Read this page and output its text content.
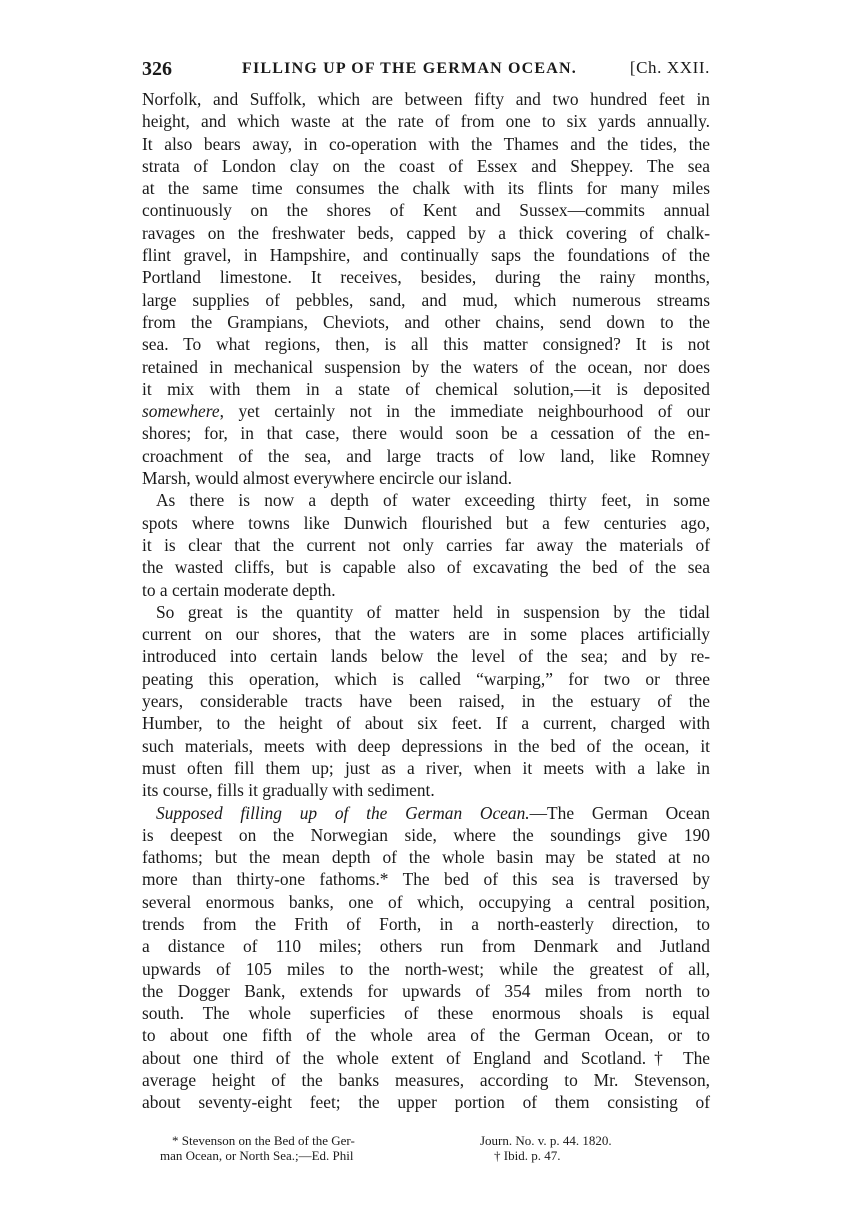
326	FILLING UP OF THE GERMAN OCEAN.	[Ch. XXII.
Norfolk, and Suffolk, which are between fifty and two hundred feet in
height, and which waste at the rate of from one to six yards annually.
It also bears away, in co-operation with the Thames and the tides, the
strata of London clay on the coast of Essex and Sheppey. The sea
at the same time consumes the chalk with its flints for many miles
continuously on the shores of Kent and Sussex—commits annual
ravages on the freshwater beds, capped by a thick covering of chalk-
flint gravel, in Hampshire, and continually saps the foundations of the
Portland limestone. It receives, besides, during the rainy months,
large supplies of pebbles, sand, and mud, which numerous streams
from the Grampians, Cheviots, and other chains, send down to the
sea. To what regions, then, is all this matter consigned? It is not
retained in mechanical suspension by the waters of the ocean, nor does
it mix with them in a state of chemical solution,—it is deposited
somewhere, yet certainly not in the immediate neighbourhood of our
shores; for, in that case, there would soon be a cessation of the en-
croachment of the sea, and large tracts of low land, like Romney
Marsh, would almost everywhere encircle our island.
As there is now a depth of water exceeding thirty feet, in some
spots where towns like Dunwich flourished but a few centuries ago,
it is clear that the current not only carries far away the materials of
the wasted cliffs, but is capable also of excavating the bed of the sea
to a certain moderate depth.
So great is the quantity of matter held in suspension by the tidal
current on our shores, that the waters are in some places artificially
introduced into certain lands below the level of the sea; and by re-
peating this operation, which is called “warping,” for two or three
years, considerable tracts have been raised, in the estuary of the
Humber, to the height of about six feet. If a current, charged with
such materials, meets with deep depressions in the bed of the ocean, it
must often fill them up; just as a river, when it meets with a lake in
its course, fills it gradually with sediment.
Supposed filling up of the German Ocean.—The German Ocean
is deepest on the Norwegian side, where the soundings give 190
fathoms; but the mean depth of the whole basin may be stated at no
more than thirty-one fathoms.* The bed of this sea is traversed by
several enormous banks, one of which, occupying a central position,
trends from the Frith of Forth, in a north-easterly direction, to
a distance of 110 miles; others run from Denmark and Jutland
upwards of 105 miles to the north-west; while the greatest of all,
the Dogger Bank, extends for upwards of 354 miles from north to
south. The whole superficies of these enormous shoals is equal
to about one fifth of the whole area of the German Ocean, or to
about one third of the whole extent of England and Scotland.† The
average height of the banks measures, according to Mr. Stevenson,
about seventy-eight feet; the upper portion of them consisting of
* Stevenson on the Bed of the Ger-
man Ocean, or North Sea.;—Ed. Phil
Journ. No. v. p. 44. 1820.
† Ibid. p. 47.
